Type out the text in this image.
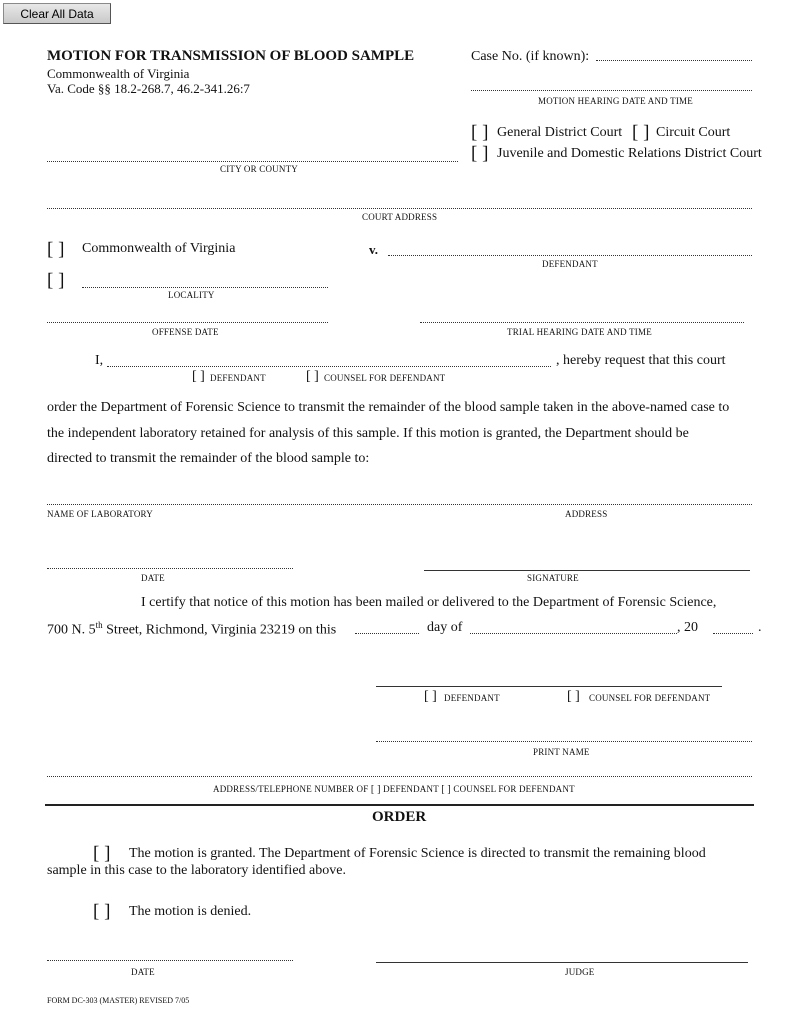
Clear All Data
MOTION FOR TRANSMISSION OF BLOOD SAMPLE
Commonwealth of Virginia
Va. Code §§ 18.2-268.7, 46.2-341.26:7
Case No. (if known):
MOTION HEARING DATE AND TIME
[ ] General District Court [ ] Circuit Court
[ ] Juvenile and Domestic Relations District Court
CITY OR COUNTY
COURT ADDRESS
[ ] Commonwealth of Virginia	v.
DEFENDANT
[ ]
LOCALITY
OFFENSE DATE	TRIAL HEARING DATE AND TIME
I,	, hereby request that this court
[ ] DEFENDANT	[ ] COUNSEL FOR DEFENDANT
order the Department of Forensic Science to transmit the remainder of the blood sample taken in the above-named case to
the independent laboratory retained for analysis of this sample. If this motion is granted, the Department should be
directed to transmit the remainder of the blood sample to:
NAME OF LABORATORY	ADDRESS
DATE	SIGNATURE
I certify that notice of this motion has been mailed or delivered to the Department of Forensic Science,
700 N. 5th Street, Richmond, Virginia 23219 on this	day of	, 20	.
[ ] DEFENDANT	[ ] COUNSEL FOR DEFENDANT
PRINT NAME
ADDRESS/TELEPHONE NUMBER OF [ ] DEFENDANT [ ] COUNSEL FOR DEFENDANT
ORDER
[ ] The motion is granted. The Department of Forensic Science is directed to transmit the remaining blood
sample in this case to the laboratory identified above.
[ ] The motion is denied.
DATE	JUDGE
FORM DC-303 (MASTER) REVISED 7/05
